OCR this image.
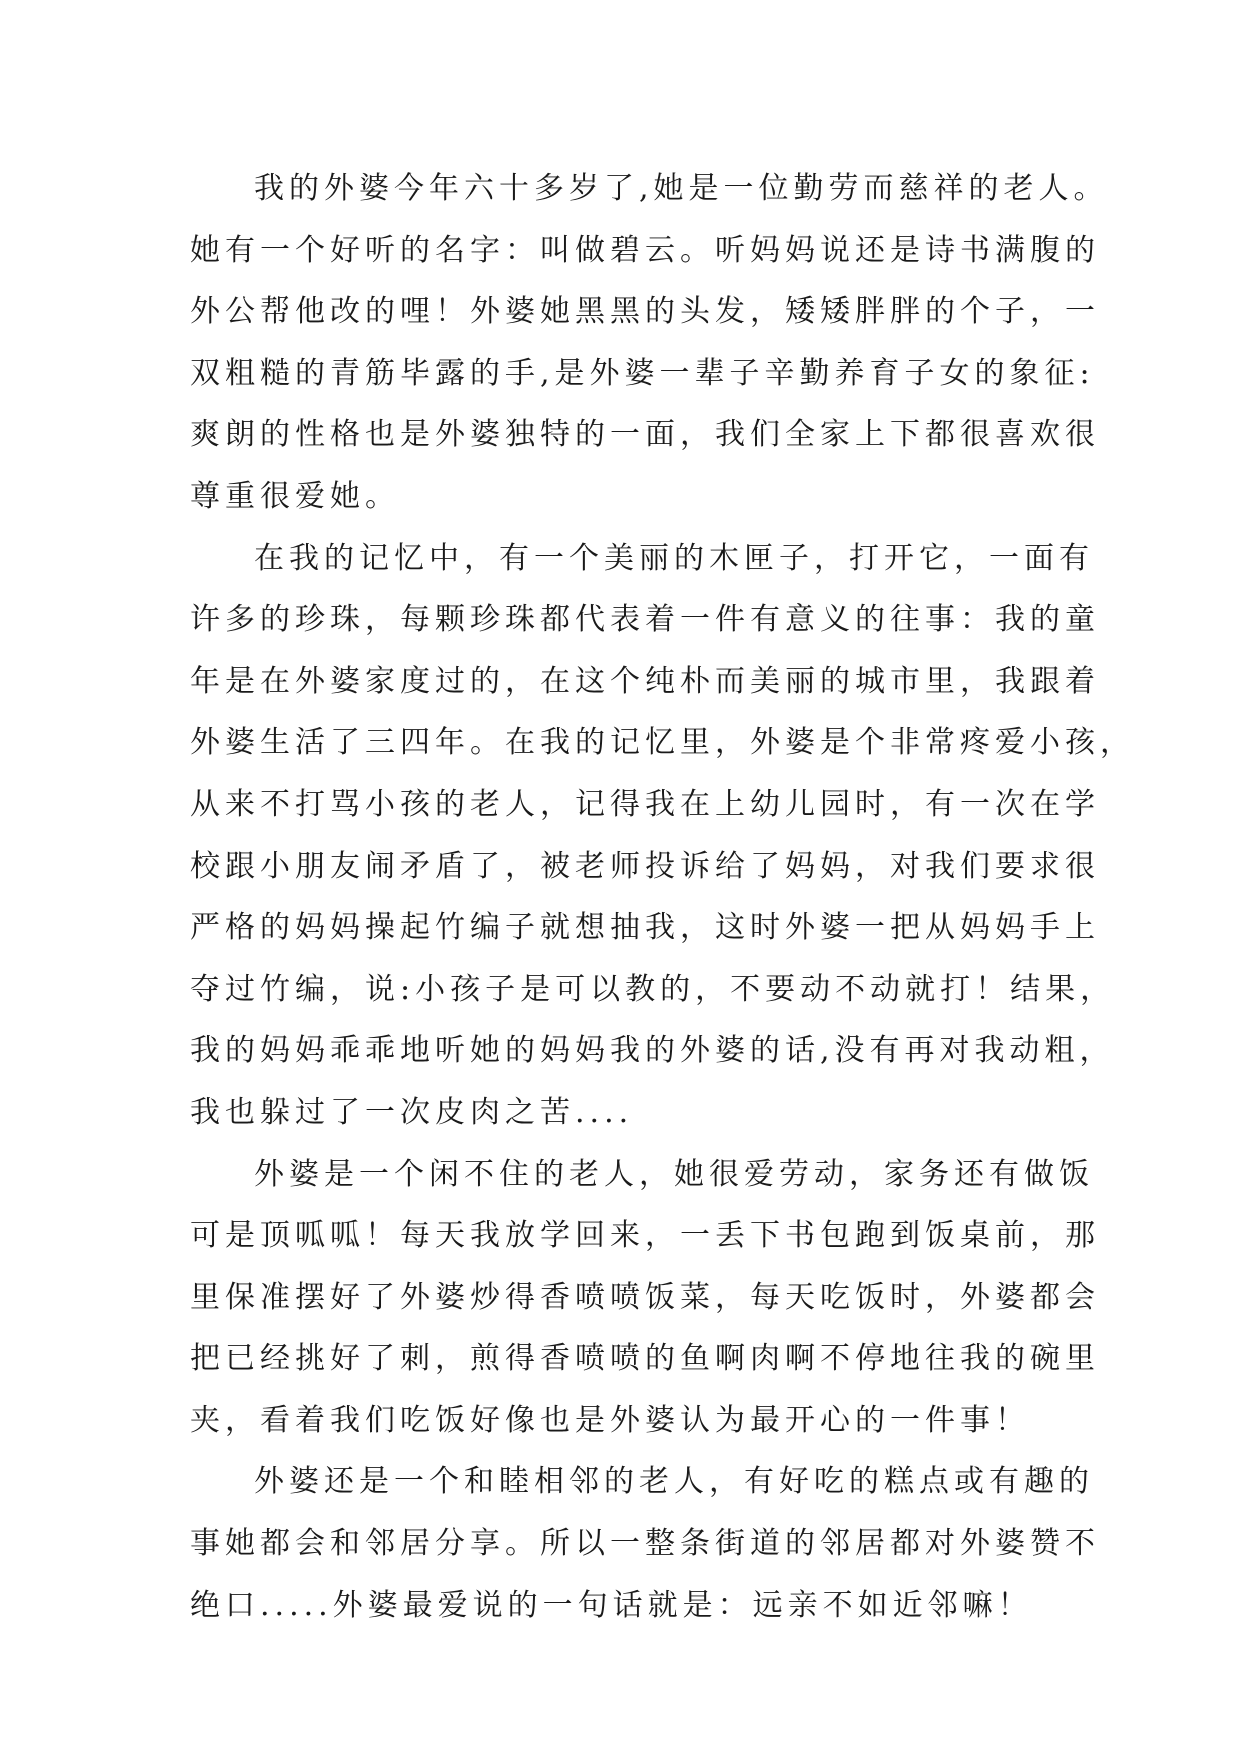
我的外婆今年六十多岁了,她是一位勤劳而慈祥的老人。
她有一个好听的名字：叫做碧云。听妈妈说还是诗书满腹的
外公帮他改的哩！外婆她黑黑的头发，矮矮胖胖的个子，一
双粗糙的青筋毕露的手,是外婆一辈子辛勤养育子女的象征:
爽朗的性格也是外婆独特的一面，我们全家上下都很喜欢很
尊重很爱她。
在我的记忆中，有一个美丽的木匣子，打开它，一面有
许多的珍珠，每颗珍珠都代表着一件有意义的往事：我的童
年是在外婆家度过的，在这个纯朴而美丽的城市里，我跟着
外婆生活了三四年。在我的记忆里，外婆是个非常疼爱小孩，
从来不打骂小孩的老人，记得我在上幼儿园时，有一次在学
校跟小朋友闹矛盾了，被老师投诉给了妈妈，对我们要求很
严格的妈妈操起竹编子就想抽我，这时外婆一把从妈妈手上
夺过竹编，说:小孩子是可以教的，不要动不动就打！结果，
我的妈妈乖乖地听她的妈妈我的外婆的话,没有再对我动粗，
我也躲过了一次皮肉之苦....
外婆是一个闲不住的老人，她很爱劳动，家务还有做饭
可是顶呱呱！每天我放学回来，一丢下书包跑到饭桌前，那
里保准摆好了外婆炒得香喷喷饭菜，每天吃饭时，外婆都会
把已经挑好了刺，煎得香喷喷的鱼啊肉啊不停地往我的碗里
夹，看着我们吃饭好像也是外婆认为最开心的一件事！
外婆还是一个和睦相邻的老人，有好吃的糕点或有趣的
事她都会和邻居分享。所以一整条街道的邻居都对外婆赞不
绝口.....外婆最爱说的一句话就是：远亲不如近邻嘛！
